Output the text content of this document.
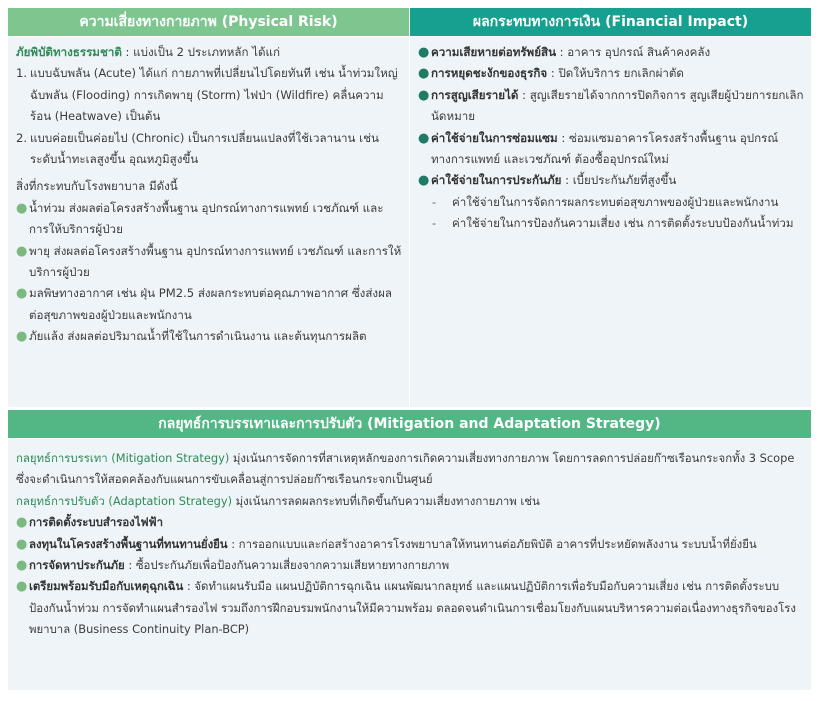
ความเสี่ยงทางกายภาพ (Physical Risk)	ผลกระทบทางการเงิน (Financial Impact)
ภัยพิบัติทางธรรมชาติ : แบ่งเป็น 2 ประเภทหลัก ได้แก่
1. แบบฉับพลัน (Acute) ได้แก่ กายภาพที่เปลี่ยนไปโดยทันที เช่น น้ำท่วมใหญ่ฉับพลัน (Flooding) การเกิดพายุ (Storm) ไฟป่า (Wildfire) คลื่นความร้อน (Heatwave) เป็นต้น
2. แบบค่อยเป็นค่อยไป (Chronic) เป็นการเปลี่ยนแปลงที่ใช้เวลานาน เช่น ระดับน้ำทะเลสูงขึ้น อุณหภูมิสูงขึ้น
สิ่งที่กระทบกับโรงพยาบาล มีดังนี้
● น้ำท่วม ส่งผลต่อโครงสร้างพื้นฐาน อุปกรณ์ทางการแพทย์ เวชภัณฑ์ และการให้บริการผู้ป่วย
● พายุ ส่งผลต่อโครงสร้างพื้นฐาน อุปกรณ์ทางการแพทย์ เวชภัณฑ์ และการให้บริการผู้ป่วย
● มลพิษทางอากาศ เช่น ฝุ่น PM2.5 ส่งผลกระทบต่อคุณภาพอากาศ ซึ่งส่งผลต่อสุขภาพของผู้ป่วยและพนักงาน
● ภัยแล้ง ส่งผลต่อปริมาณน้ำที่ใช้ในการดำเนินงาน และต้นทุนการผลิต
● ความเสียหายต่อทรัพย์สิน : อาคาร อุปกรณ์ สินค้าคงคลัง
● การหยุดชะงักของธุรกิจ : ปิดให้บริการ ยกเลิกผ่าตัด
● การสูญเสียรายได้ : สูญเสียรายได้จากการปิดกิจการ สูญเสียผู้ป่วยการยกเลิกนัดหมาย
● ค่าใช้จ่ายในการซ่อมแซม : ซ่อมแซมอาคารโครงสร้างพื้นฐาน อุปกรณ์ทางการแพทย์ และเวชภัณฑ์ ต้องซื้ออุปกรณ์ใหม่
● ค่าใช้จ่ายในการประกันภัย : เบี้ยประกันภัยที่สูงขึ้น
-	ค่าใช้จ่ายในการจัดการผลกระทบต่อสุขภาพของผู้ป่วยและพนักงาน
-	ค่าใช้จ่ายในการป้องกันความเสี่ยง เช่น การติดตั้งระบบป้องกันน้ำท่วม
กลยุทธ์การบรรเทาและการปรับตัว (Mitigation and Adaptation Strategy)
กลยุทธ์การบรรเทา (Mitigation Strategy) มุ่งเน้นการจัดการที่สาเหตุหลักของการเกิดความเสี่ยงทางกายภาพ โดยการลดการปล่อยก๊าซเรือนกระจกทั้ง 3 Scope ซึ่งจะดำเนินการให้สอดคล้องกับแผนการขับเคลื่อนสู่การปล่อยก๊าซเรือนกระจกเป็นศูนย์
กลยุทธ์การปรับตัว (Adaptation Strategy) มุ่งเน้นการลดผลกระทบที่เกิดขึ้นกับความเสี่ยงทางกายภาพ เช่น
● การติดตั้งระบบสำรองไฟฟ้า
● ลงทุนในโครงสร้างพื้นฐานที่ทนทานยั่งยืน : การออกแบบและก่อสร้างอาคารโรงพยาบาลให้ทนทานต่อภัยพิบัติ อาคารที่ประหยัดพลังงาน ระบบน้ำที่ยั่งยืน
● การจัดหาประกันภัย : ซื้อประกันภัยเพื่อป้องกันความเสี่ยงจากความเสียหายทางกายภาพ
● เตรียมพร้อมรับมือกับเหตุฉุกเฉิน : จัดทำแผนรับมือ แผนปฏิบัติการฉุกเฉิน แผนพัฒนากลยุทธ์ และแผนปฏิบัติการเพื่อรับมือกับความเสี่ยง เช่น การติดตั้งระบบป้องกันน้ำท่วม การจัดทำแผนสำรองไฟ รวมถึงการฝึกอบรมพนักงานให้มีความพร้อม ตลอดจนดำเนินการเชื่อมโยงกับแผนบริหารความต่อเนื่องทางธุรกิจของโรงพยาบาล (Business Continuity Plan-BCP)
